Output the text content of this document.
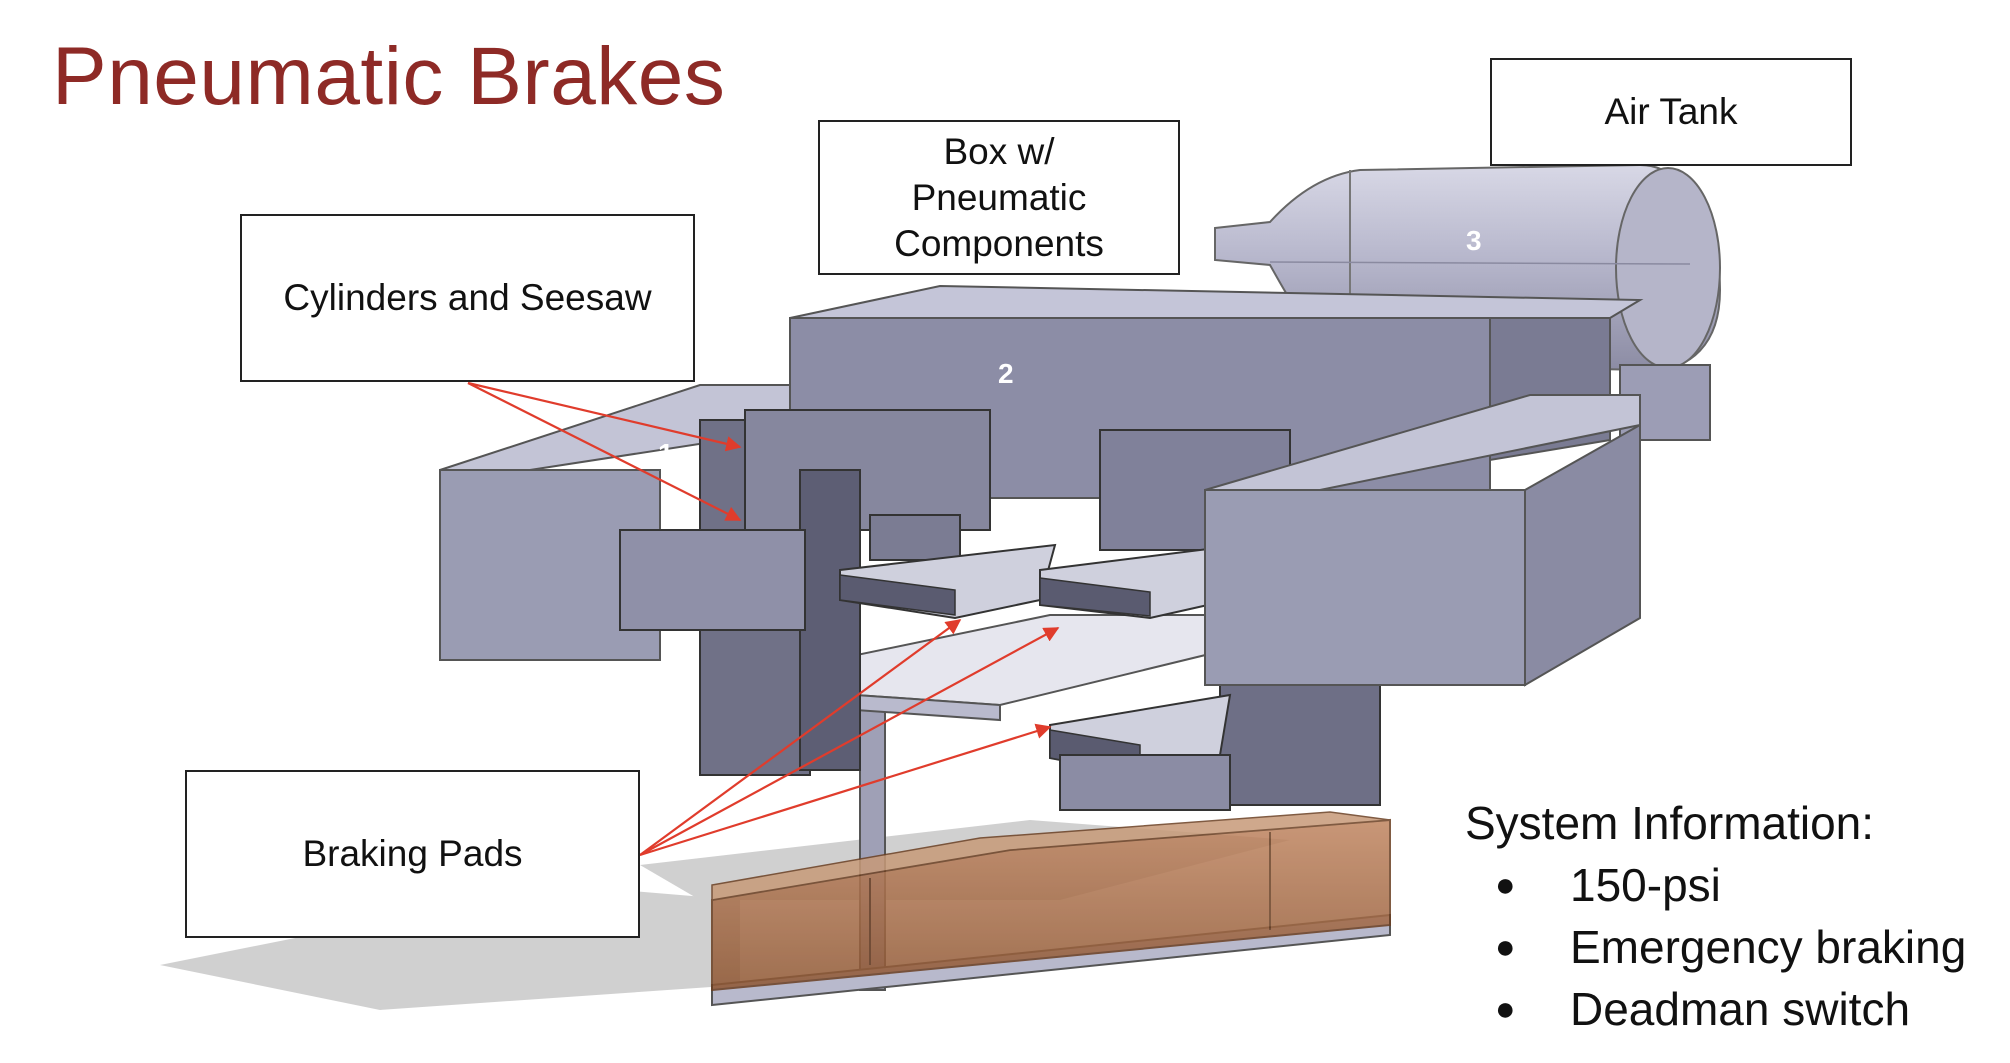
Pneumatic Brakes
1
2
3
4
Air Tank
Box w/
Pneumatic
Components
Cylinders and Seesaw
Braking Pads
System Information:
● 150-psi
● Emergency braking
● Deadman switch
